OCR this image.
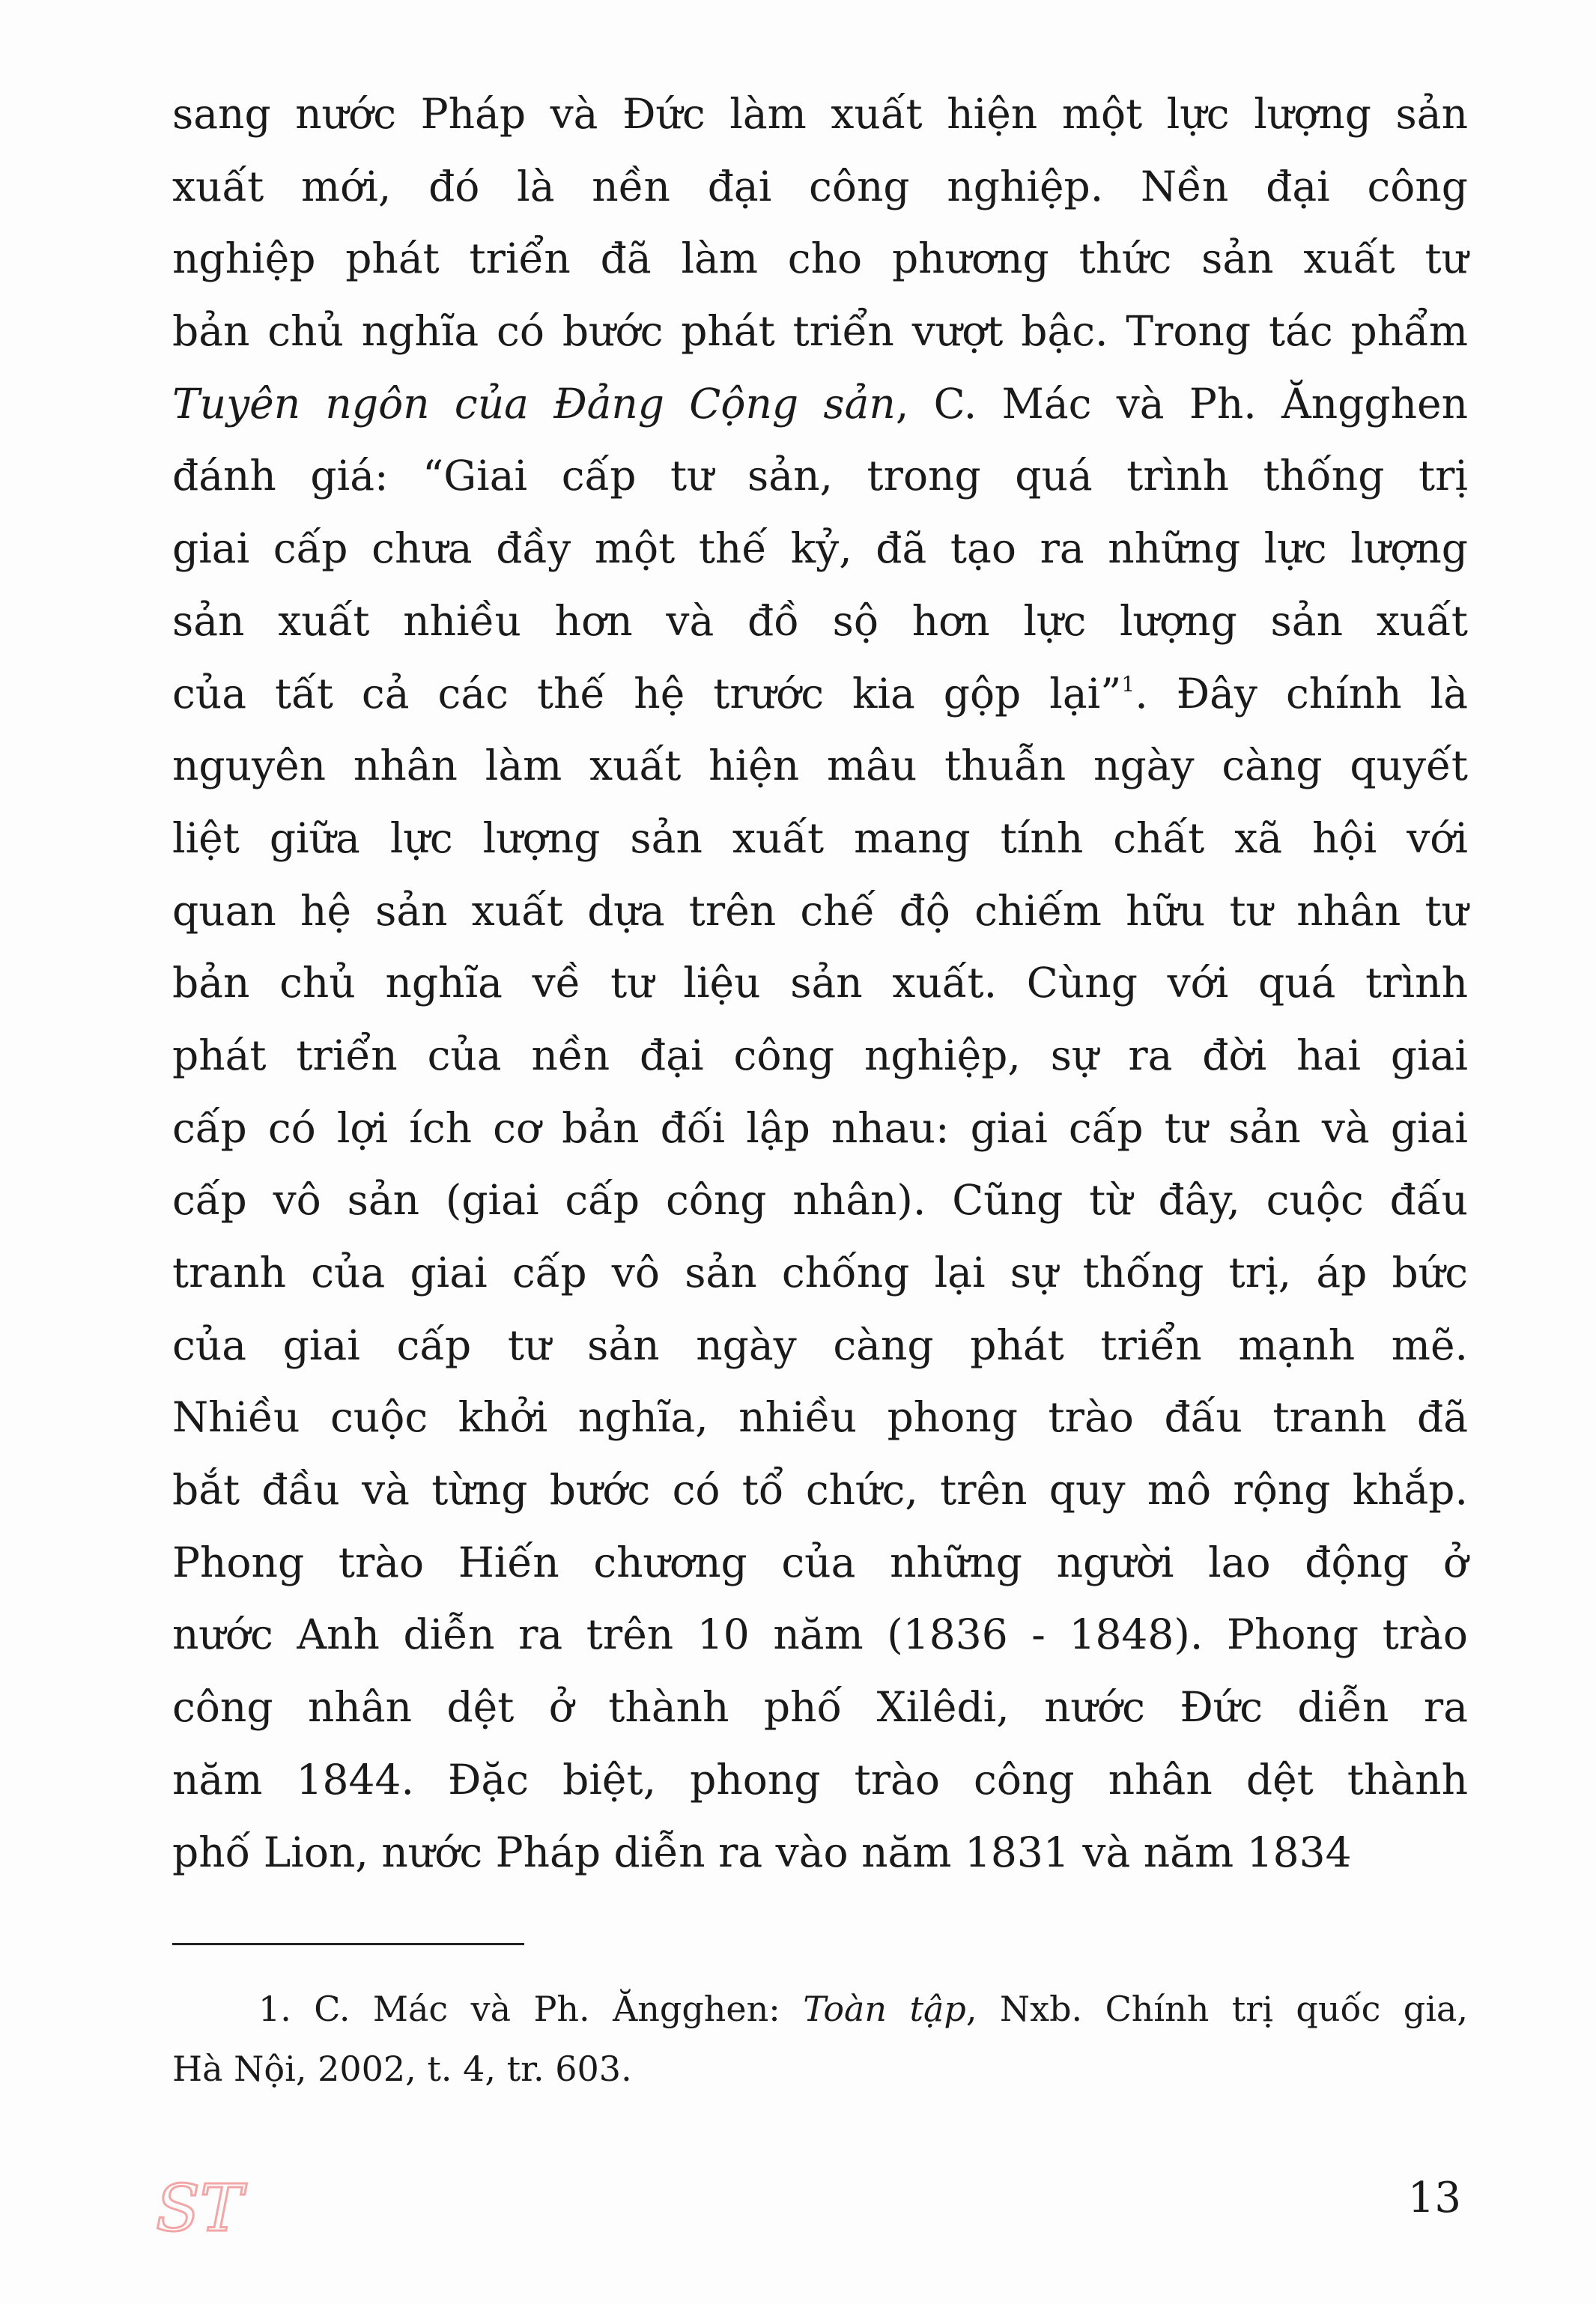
sang nước Pháp và Đức làm xuất hiện một lực lượng sản
xuất mới, đó là nền đại công nghiệp. Nền đại công
nghiệp phát triển đã làm cho phương thức sản xuất tư
bản chủ nghĩa có bước phát triển vượt bậc. Trong tác phẩm
Tuyên ngôn của Đảng Cộng sản, C. Mác và Ph. Ăngghen
đánh giá: “Giai cấp tư sản, trong quá trình thống trị
giai cấp chưa đầy một thế kỷ, đã tạo ra những lực lượng
sản xuất nhiều hơn và đồ sộ hơn lực lượng sản xuất
của tất cả các thế hệ trước kia gộp lại”$^1$. Đây chính là
nguyên nhân làm xuất hiện mâu thuẫn ngày càng quyết
liệt giữa lực lượng sản xuất mang tính chất xã hội với
quan hệ sản xuất dựa trên chế độ chiếm hữu tư nhân tư
bản chủ nghĩa về tư liệu sản xuất. Cùng với quá trình
phát triển của nền đại công nghiệp, sự ra đời hai giai
cấp có lợi ích cơ bản đối lập nhau: giai cấp tư sản và giai
cấp vô sản (giai cấp công nhân). Cũng từ đây, cuộc đấu
tranh của giai cấp vô sản chống lại sự thống trị, áp bức
của giai cấp tư sản ngày càng phát triển mạnh mẽ.
Nhiều cuộc khởi nghĩa, nhiều phong trào đấu tranh đã
bắt đầu và từng bước có tổ chức, trên quy mô rộng khắp.
Phong trào Hiến chương của những người lao động ở
nước Anh diễn ra trên 10 năm (1836 - 1848). Phong trào
công nhân dệt ở thành phố Xilêdi, nước Đức diễn ra
năm 1844. Đặc biệt, phong trào công nhân dệt thành
phố Lion, nước Pháp diễn ra vào năm 1831 và năm 1834
1. C. Mác và Ph. Ăngghen: Toàn tập, Nxb. Chính trị quốc gia,
Hà Nội, 2002, t. 4, tr. 603.
ST	13
